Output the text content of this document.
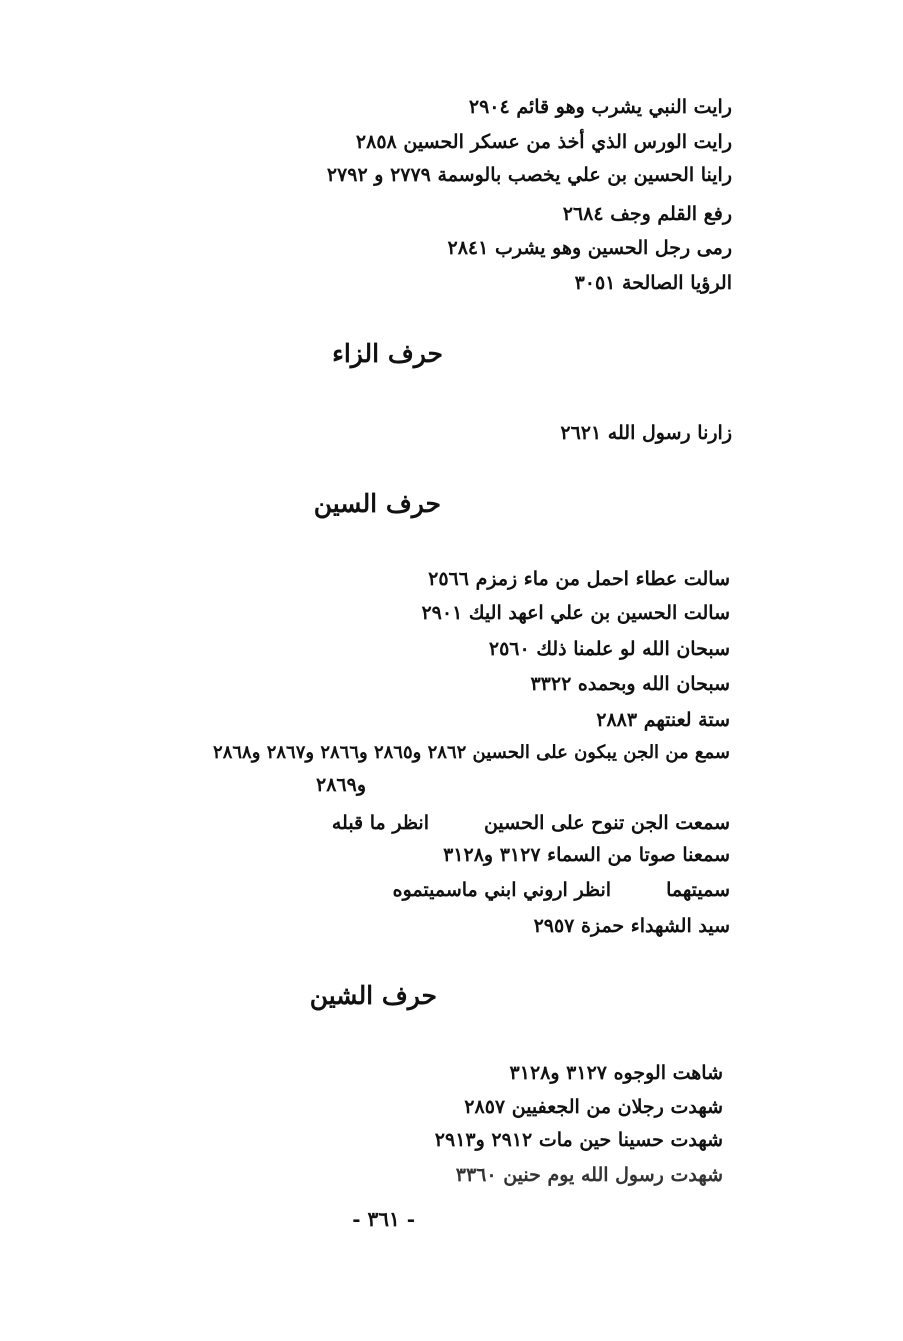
رايت النبي يشرب وهو قائم ٢٩٠٤
رايت الورس الذي أخذ من عسكر الحسين ٢٨٥٨
راينا الحسين بن علي يخصب بالوسمة ٢٧٧٩ و ٢٧٩٢
رفع القلم وجف ٢٦٨٤
رمى رجل الحسين وهو يشرب ٢٨٤١
الرؤيا الصالحة ٣٠٥١
حرف الزاء
زارنا رسول الله ٢٦٢١
حرف السين
سالت عطاء احمل من ماء زمزم ٢٥٦٦
سالت الحسين بن علي اعهد اليك ٢٩٠١
سبحان الله لو علمنا ذلك ٢٥٦٠
سبحان الله وبحمده ٣٣٢٢
ستة لعنتهم ٢٨٨٣
سمع من الجن يبكون على الحسين ٢٨٦٢ و٢٨٦٥ و٢٨٦٦ و٢٨٦٧ و٢٨٦٨
و٢٨٦٩
سمعت الجن تنوح على الحسينانظر ما قبله
سمعنا صوتا من السماء ٣١٢٧ و٣١٢٨
سميتهماانظر اروني ابني ماسميتموه
سيد الشهداء حمزة ٢٩٥٧
حرف الشين
شاهت الوجوه ٣١٢٧ و٣١٢٨
شهدت رجلان من الجعفيين ٢٨٥٧
شهدت حسينا حين مات ٢٩١٢ و٢٩١٣
شهدت رسول الله يوم حنين ٣٣٦٠
- ٣٦١ -
